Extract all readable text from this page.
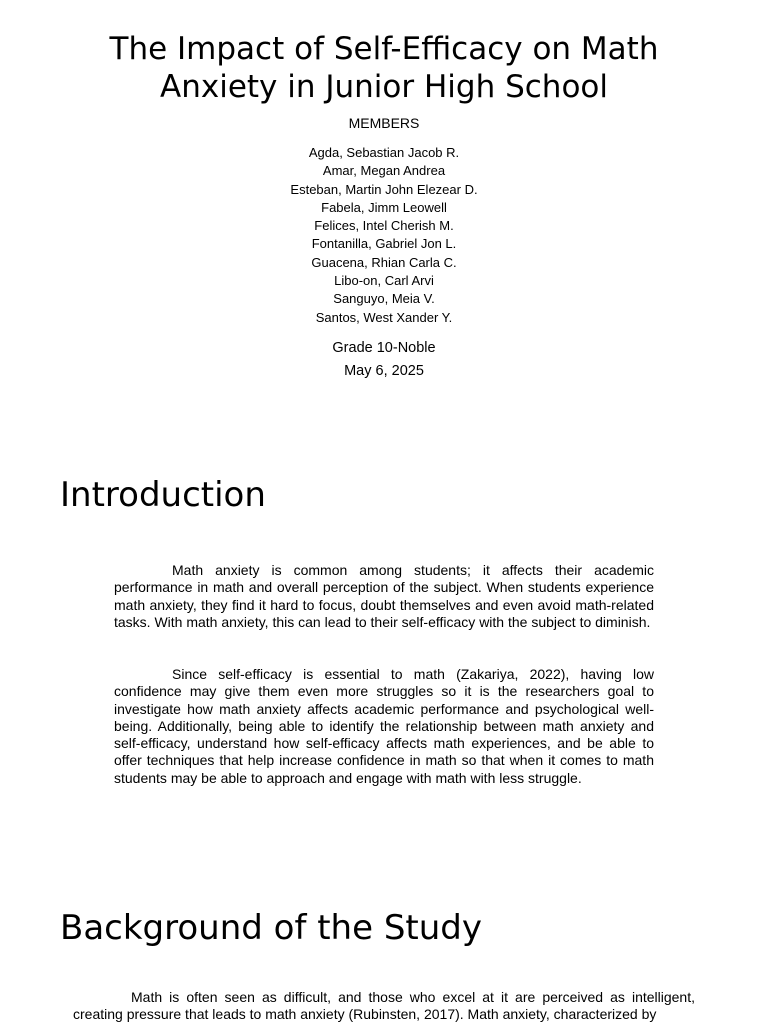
The Impact of Self-Efficacy on Math Anxiety in Junior High School
MEMBERS
Agda, Sebastian Jacob R.
Amar, Megan Andrea
Esteban, Martin John Elezear D.
Fabela, Jimm Leowell
Felices, Intel Cherish M.
Fontanilla, Gabriel Jon L.
Guacena, Rhian Carla C.
Libo-on, Carl Arvi
Sanguyo, Meia V.
Santos, West Xander Y.
Grade 10-Noble
May 6, 2025
Introduction

Math anxiety is common among students; it affects their academic performance in math and overall perception of the subject. When students experience math anxiety, they find it hard to focus, doubt themselves and even avoid math-related tasks. With math anxiety, this can lead to their self-efficacy with the subject to diminish.

Since self-efficacy is essential to math (Zakariya, 2022), having low confidence may give them even more struggles so it is the researchers goal to investigate how math anxiety affects academic performance and psychological well-being. Additionally, being able to identify the relationship between math anxiety and self-efficacy, understand how self-efficacy affects math experiences, and be able to offer techniques that help increase confidence in math so that when it comes to math students may be able to approach and engage with math with less struggle.

Background of the Study

Math is often seen as difficult, and those who excel at it are perceived as intelligent, creating pressure that leads to math anxiety (Rubinsten, 2017). Math anxiety, characterized by
